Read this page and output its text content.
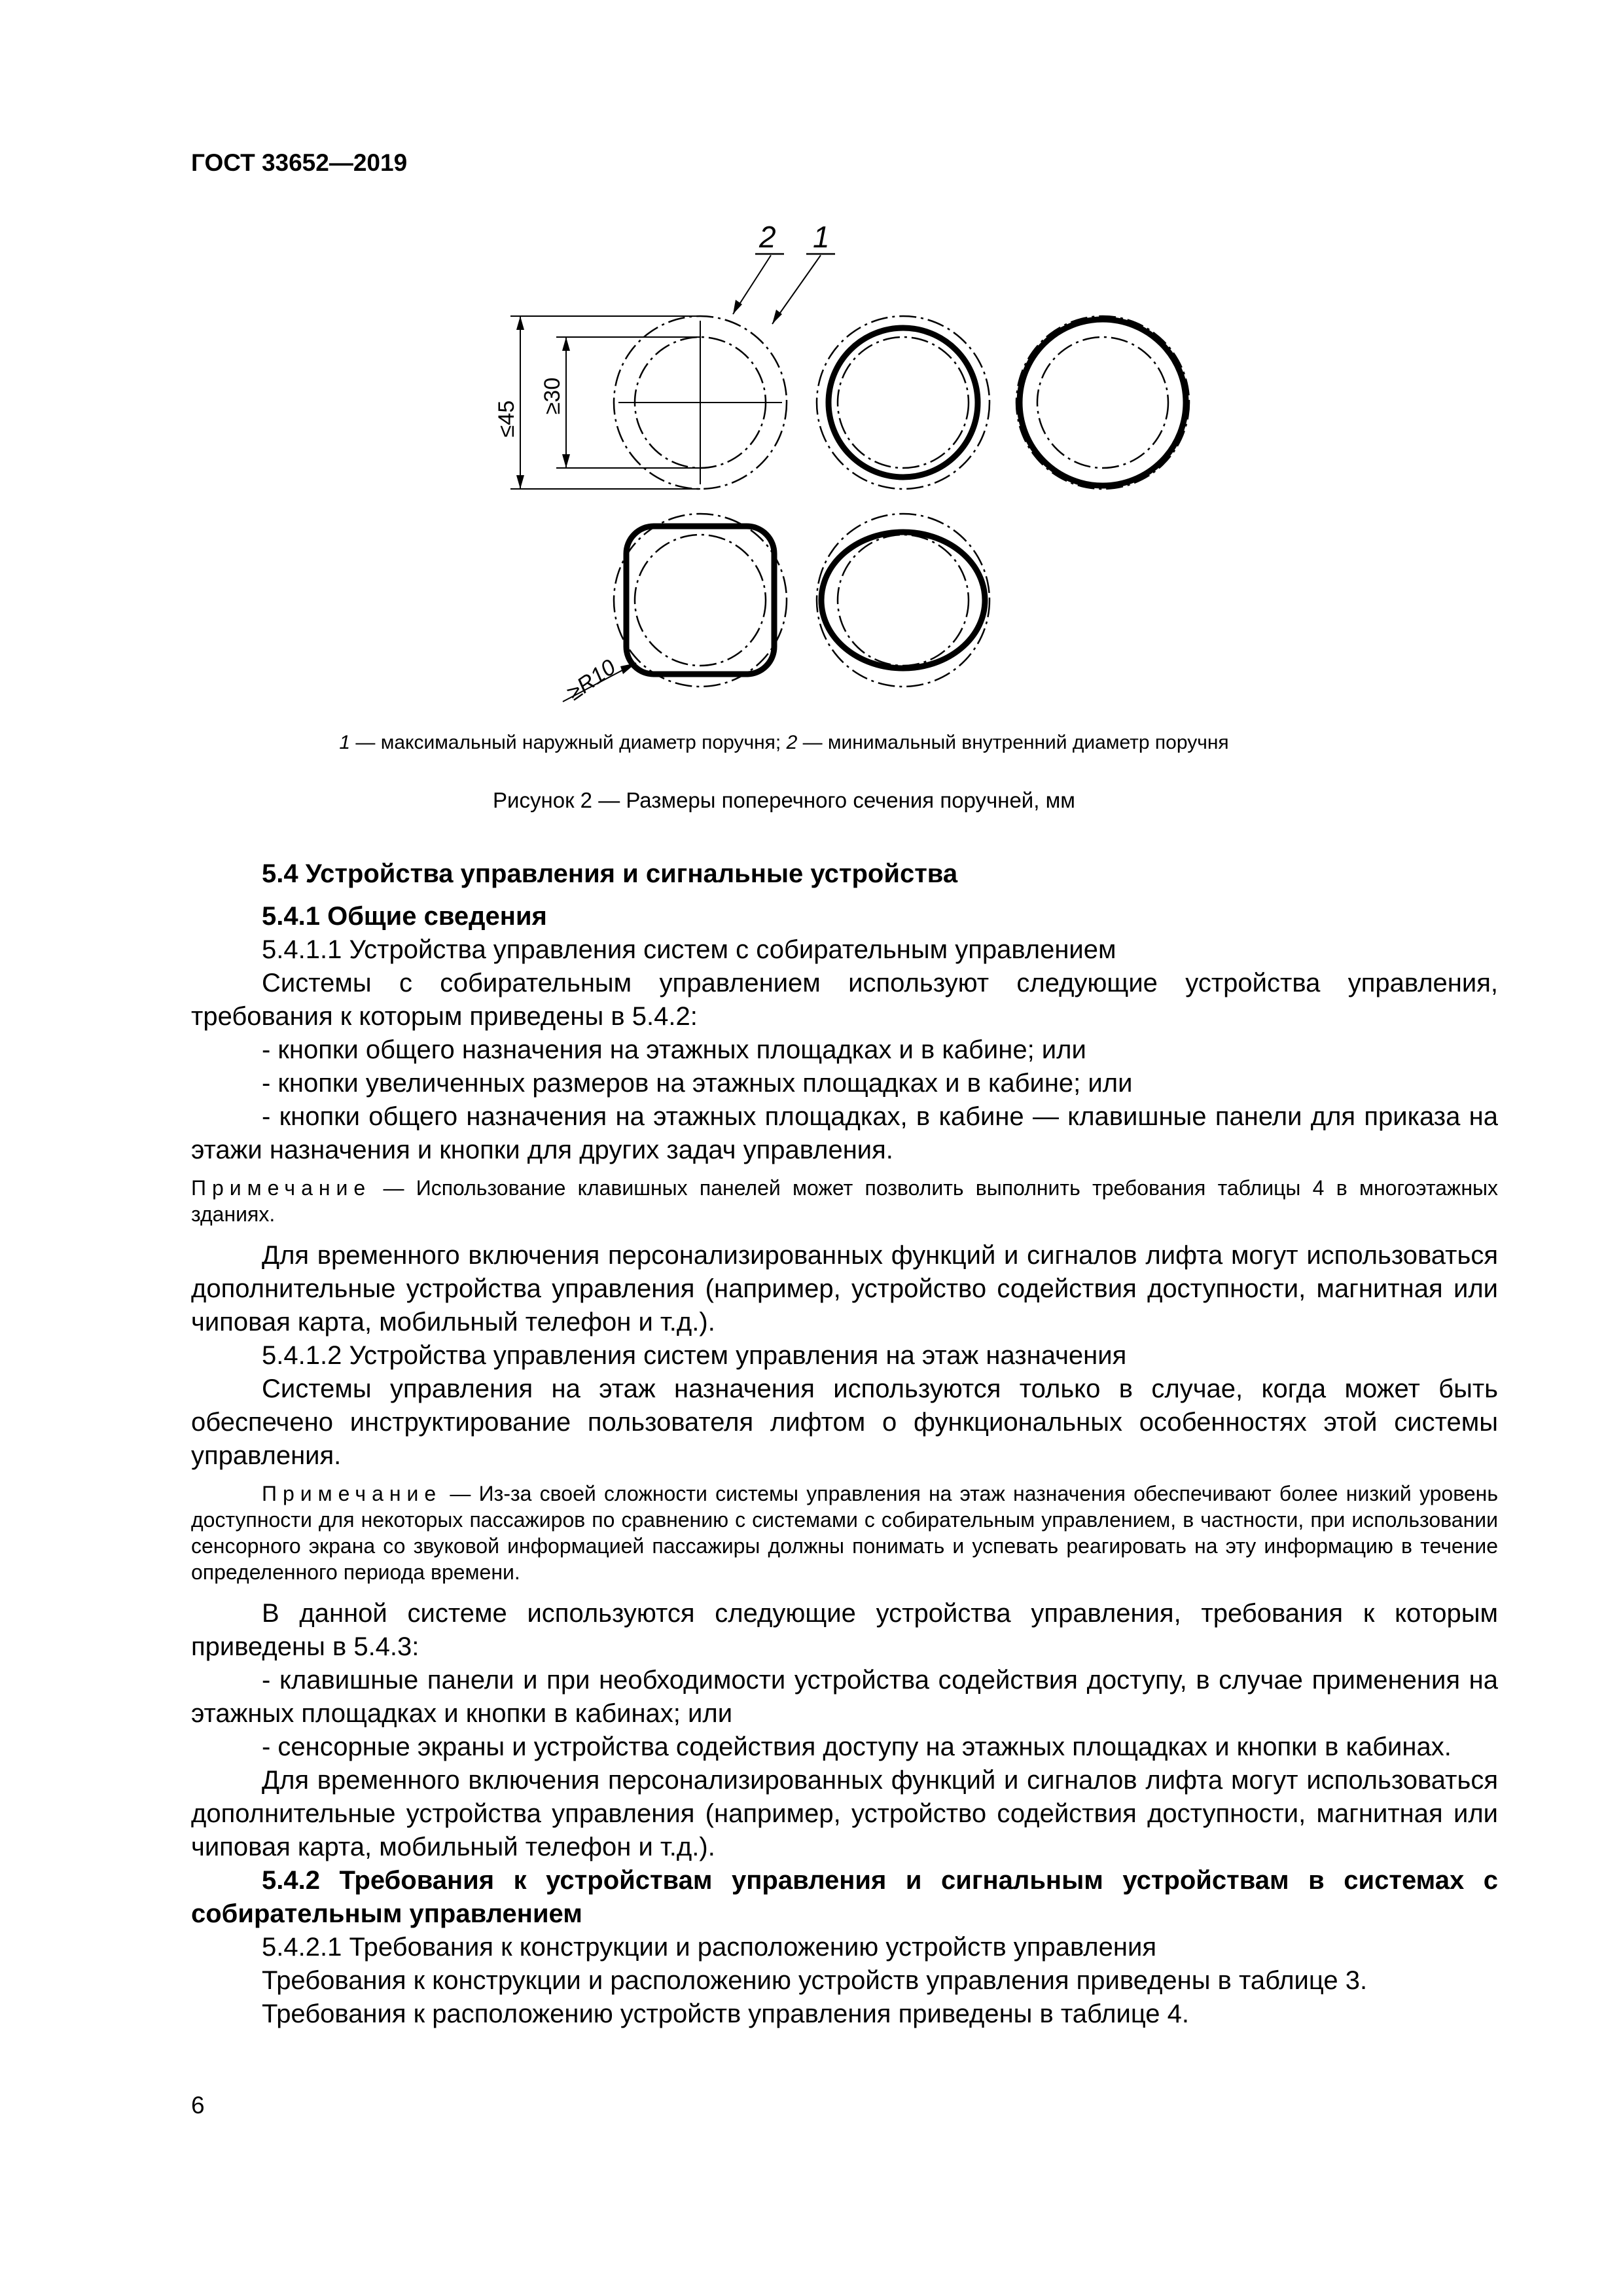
ГОСТ 33652—2019
≤45
≥30
2 1
≥R10
1 — максимальный наружный диаметр поручня; 2 — минимальный внутренний диаметр поручня
Рисунок 2 — Размеры поперечного сечения поручней, мм

5.4 Устройства управления и сигнальные устройства

5.4.1 Общие сведения

5.4.1.1 Устройства управления систем с собирательным управлением

Системы с собирательным управлением используют следующие устройства управления, требования к которым приведены в 5.4.2:

- кнопки общего назначения на этажных площадках и в кабине; или

- кнопки увеличенных размеров на этажных площадках и в кабине; или

- кнопки общего назначения на этажных площадках, в кабине — клавишные панели для приказа на этажи назначения и кнопки для других задач управления.

Примечание — Использование клавишных панелей может позволить выполнить требования таблицы 4 в многоэтажных зданиях.

Для временного включения персонализированных функций и сигналов лифта могут использоваться дополнительные устройства управления (например, устройство содействия доступности, магнитная или чиповая карта, мобильный телефон и т.д.).

5.4.1.2 Устройства управления систем управления на этаж назначения

Системы управления на этаж назначения используются только в случае, когда может быть обеспечено инструктирование пользователя лифтом о функциональных особенностях этой системы управления.

Примечание — Из-за своей сложности системы управления на этаж назначения обеспечивают более низкий уровень доступности для некоторых пассажиров по сравнению с системами с собирательным управлением, в частности, при использовании сенсорного экрана со звуковой информацией пассажиры должны понимать и успевать реагировать на эту информацию в течение определенного периода времени.

В данной системе используются следующие устройства управления, требования к которым приведены в 5.4.3:

- клавишные панели и при необходимости устройства содействия доступу, в случае применения на этажных площадках и кнопки в кабинах; или

- сенсорные экраны и устройства содействия доступу на этажных площадках и кнопки в кабинах.

Для временного включения персонализированных функций и сигналов лифта могут использоваться дополнительные устройства управления (например, устройство содействия доступности, магнитная или чиповая карта, мобильный телефон и т.д.).

5.4.2 Требования к устройствам управления и сигнальным устройствам в системах с собирательным управлением

5.4.2.1 Требования к конструкции и расположению устройств управления

Требования к конструкции и расположению устройств управления приведены в таблице 3.

Требования к расположению устройств управления приведены в таблице 4.

6
